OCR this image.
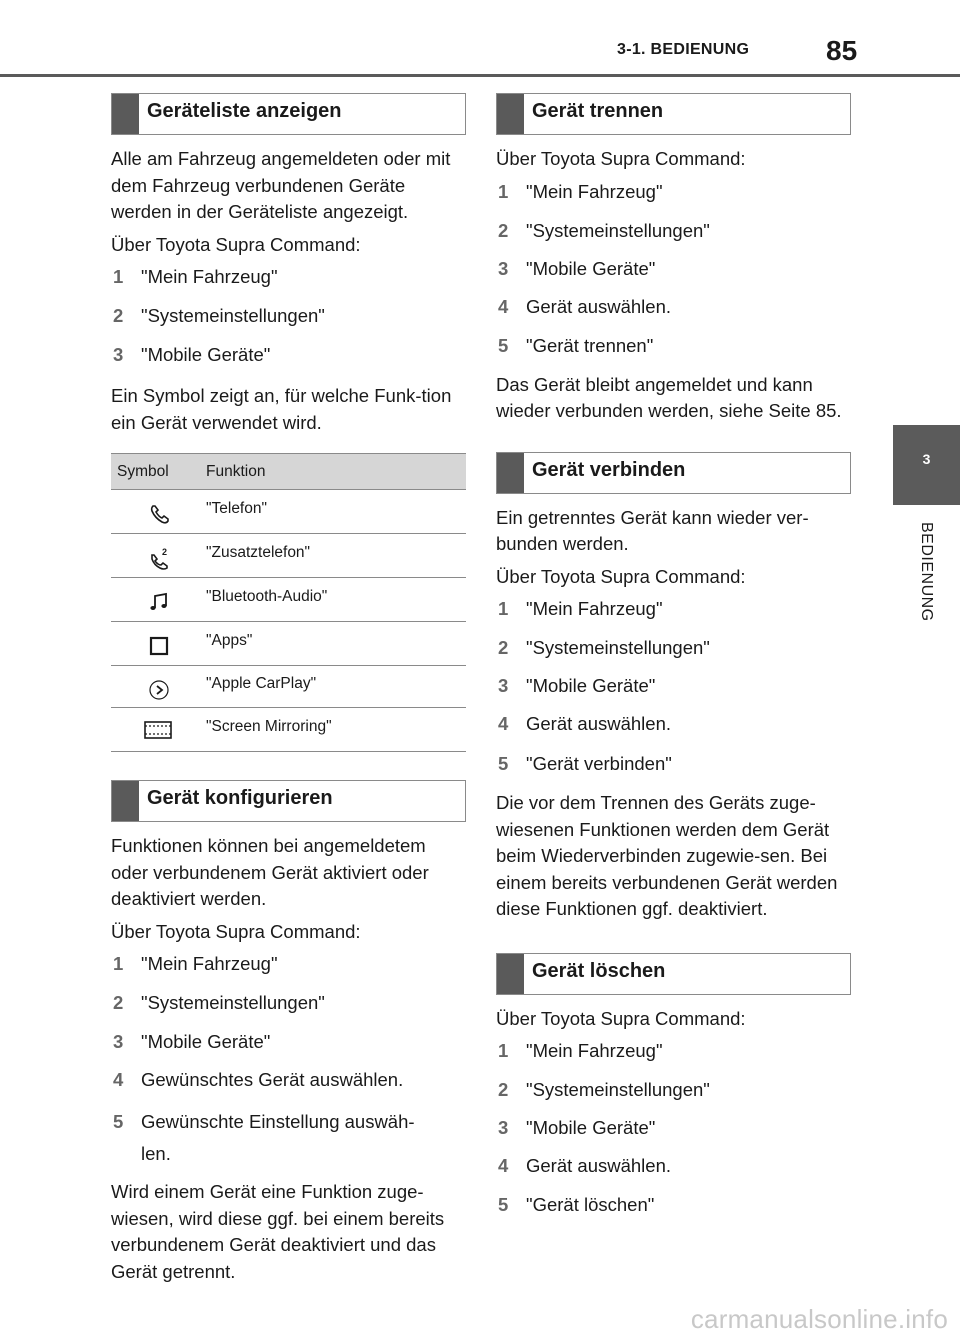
3-1. BEDIENUNG	85
3
BEDIENUNG
Geräteliste anzeigen

Alle am Fahrzeug angemeldeten oder mit dem Fahrzeug verbundenen Geräte werden in der Geräteliste angezeigt.

Über Toyota Supra Command:

1 "Mein Fahrzeug"
2 "Systemeinstellungen"
3 "Mobile Geräte"

Ein Symbol zeigt an, für welche Funk-tion ein Gerät verwendet wird.

Symbol	Funktion

"Telefon"

2	"Zusatztelefon"

"Bluetooth-Audio"

"Apps"

"Apple CarPlay"

"Screen Mirroring"
Gerät konfigurieren

Funktionen können bei angemeldetem oder verbundenem Gerät aktiviert oder deaktiviert werden.

Über Toyota Supra Command:

1 "Mein Fahrzeug"
2 "Systemeinstellungen"
3 "Mobile Geräte"
4 Gewünschtes Gerät auswählen.
5 Gewünschte Einstellung auswäh-len.

Wird einem Gerät eine Funktion zuge-wiesen, wird diese ggf. bei einem bereits verbundenem Gerät deaktiviert und das Gerät getrennt.

Gerät trennen

Über Toyota Supra Command:

1 "Mein Fahrzeug"
2 "Systemeinstellungen"
3 "Mobile Geräte"
4 Gerät auswählen.
5 "Gerät trennen"

Das Gerät bleibt angemeldet und kann wieder verbunden werden, siehe Seite 85.

Gerät verbinden

Ein getrenntes Gerät kann wieder ver-bunden werden.

Über Toyota Supra Command:

1 "Mein Fahrzeug"
2 "Systemeinstellungen"
3 "Mobile Geräte"
4 Gerät auswählen.
5 "Gerät verbinden"

Die vor dem Trennen des Geräts zuge-wiesenen Funktionen werden dem Gerät beim Wiederverbinden zugewie-sen. Bei einem bereits verbundenen Gerät werden diese Funktionen ggf. deaktiviert.

Gerät löschen

Über Toyota Supra Command:

1 "Mein Fahrzeug"
2 "Systemeinstellungen"
3 "Mobile Geräte"
4 Gerät auswählen.
5 "Gerät löschen"
carmanualsonline.info
